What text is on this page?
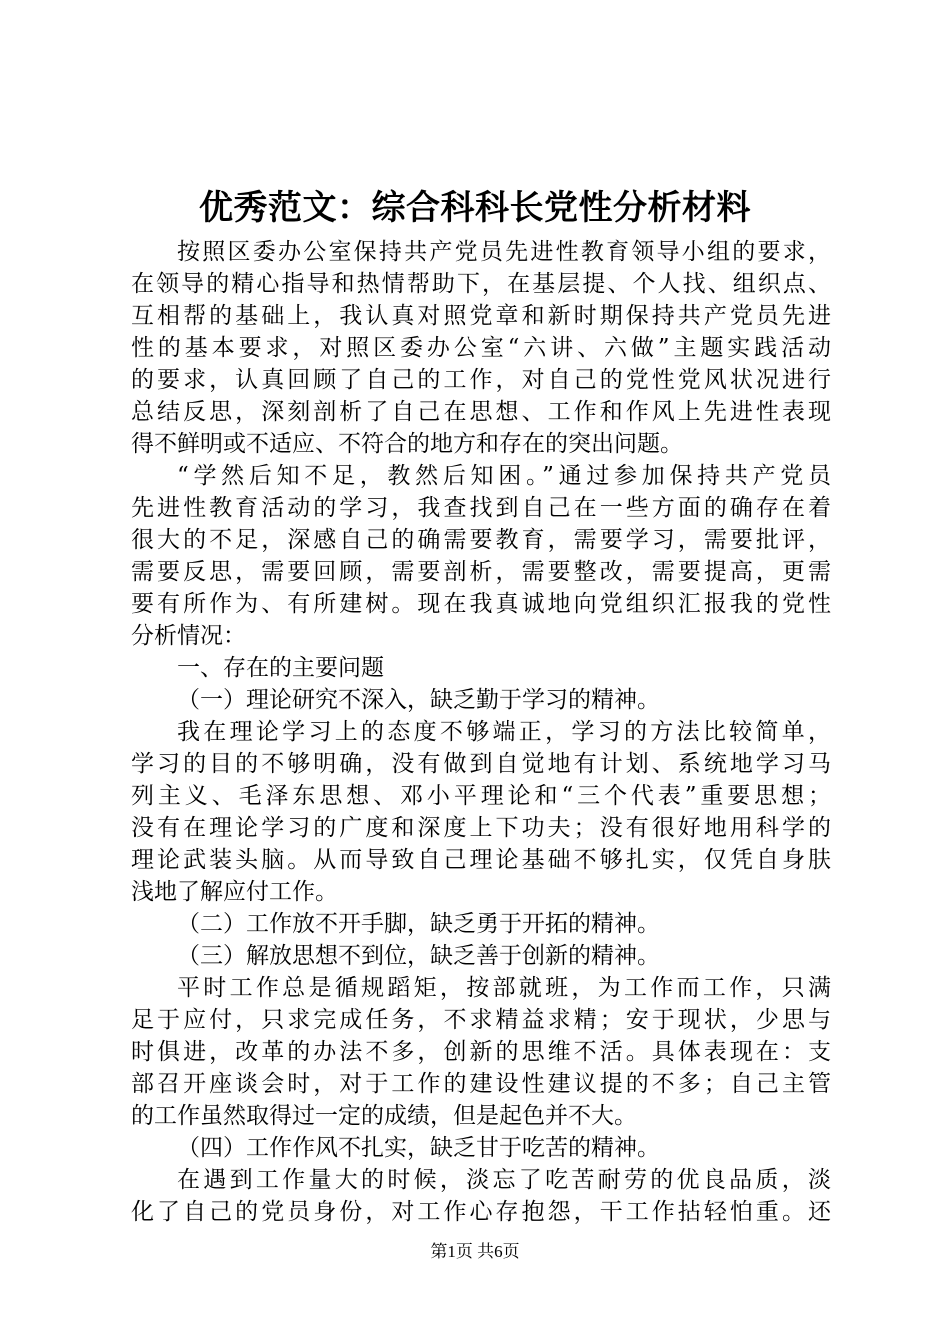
优秀范文：综合科科长党性分析材料
按照区委办公室保持共产党员先进性教育领导小组的要求，
在领导的精心指导和热情帮助下，在基层提、个人找、组织点、
互相帮的基础上，我认真对照党章和新时期保持共产党员先进
性的基本要求，对照区委办公室“六讲、六做”主题实践活动
的要求，认真回顾了自己的工作，对自己的党性党风状况进行
总结反思，深刻剖析了自己在思想、工作和作风上先进性表现
得不鲜明或不适应、不符合的地方和存在的突出问题。
“学然后知不足，教然后知困。”通过参加保持共产党员
先进性教育活动的学习，我查找到自己在一些方面的确存在着
很大的不足，深感自己的确需要教育，需要学习，需要批评，
需要反思，需要回顾，需要剖析，需要整改，需要提高，更需
要有所作为、有所建树。现在我真诚地向党组织汇报我的党性
分析情况：
一、存在的主要问题
（一）理论研究不深入，缺乏勤于学习的精神。
我在理论学习上的态度不够端正，学习的方法比较简单，
学习的目的不够明确，没有做到自觉地有计划、系统地学习马
列主义、毛泽东思想、邓小平理论和“三个代表”重要思想；
没有在理论学习的广度和深度上下功夫；没有很好地用科学的
理论武装头脑。从而导致自己理论基础不够扎实，仅凭自身肤
浅地了解应付工作。
（二）工作放不开手脚，缺乏勇于开拓的精神。
（三）解放思想不到位，缺乏善于创新的精神。
平时工作总是循规蹈矩，按部就班，为工作而工作，只满
足于应付，只求完成任务，不求精益求精；安于现状，少思与
时俱进，改革的办法不多，创新的思维不活。具体表现在：支
部召开座谈会时，对于工作的建设性建议提的不多；自己主管
的工作虽然取得过一定的成绩，但是起色并不大。
（四）工作作风不扎实，缺乏甘于吃苦的精神。
在遇到工作量大的时候，淡忘了吃苦耐劳的优良品质，淡
化了自己的党员身份，对工作心存抱怨，干工作拈轻怕重。还
第1页 共6页
